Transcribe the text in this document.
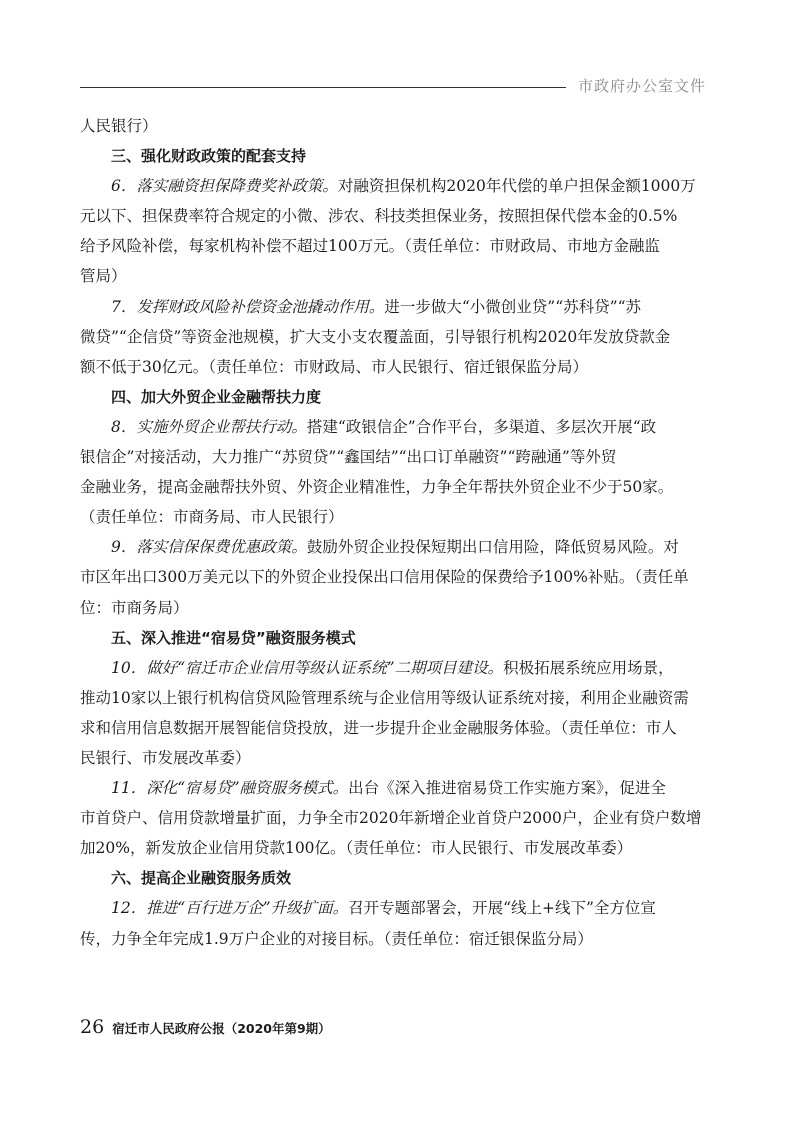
市政府办公室文件
人民银行）
三、强化财政政策的配套支持
6．落实融资担保降费奖补政策。对融资担保机构2020年代偿的单户担保金额1000万
元以下、担保费率符合规定的小微、涉农、科技类担保业务，按照担保代偿本金的0.5%
给予风险补偿，每家机构补偿不超过100万元。（责任单位：市财政局、市地方金融监
管局）
7．发挥财政风险补偿资金池撬动作用。进一步做大“小微创业贷”“苏科贷”“苏
微贷”“企信贷”等资金池规模，扩大支小支农覆盖面，引导银行机构2020年发放贷款金
额不低于30亿元。（责任单位：市财政局、市人民银行、宿迁银保监分局）
四、加大外贸企业金融帮扶力度
8．实施外贸企业帮扶行动。搭建“政银信企”合作平台，多渠道、多层次开展“政
银信企”对接活动，大力推广“苏贸贷”“鑫国结”“出口订单融资”“跨融通”等外贸
金融业务，提高金融帮扶外贸、外资企业精准性，力争全年帮扶外贸企业不少于50家。
（责任单位：市商务局、市人民银行）
9．落实信保保费优惠政策。鼓励外贸企业投保短期出口信用险，降低贸易风险。对
市区年出口300万美元以下的外贸企业投保出口信用保险的保费给予100%补贴。（责任单
位：市商务局）
五、深入推进“宿易贷”融资服务模式
10．做好“宿迁市企业信用等级认证系统”二期项目建设。积极拓展系统应用场景，
推动10家以上银行机构信贷风险管理系统与企业信用等级认证系统对接，利用企业融资需
求和信用信息数据开展智能信贷投放，进一步提升企业金融服务体验。（责任单位：市人
民银行、市发展改革委）
11．深化“宿易贷”融资服务模式。出台《深入推进宿易贷工作实施方案》，促进全
市首贷户、信用贷款增量扩面，力争全市2020年新增企业首贷户2000户，企业有贷户数增
加20%，新发放企业信用贷款100亿。（责任单位：市人民银行、市发展改革委）
六、提高企业融资服务质效
12．推进“百行进万企”升级扩面。召开专题部署会，开展“线上+线下”全方位宣
传，力争全年完成1.9万户企业的对接目标。（责任单位：宿迁银保监分局）
26 宿迁市人民政府公报（2020年第9期）
